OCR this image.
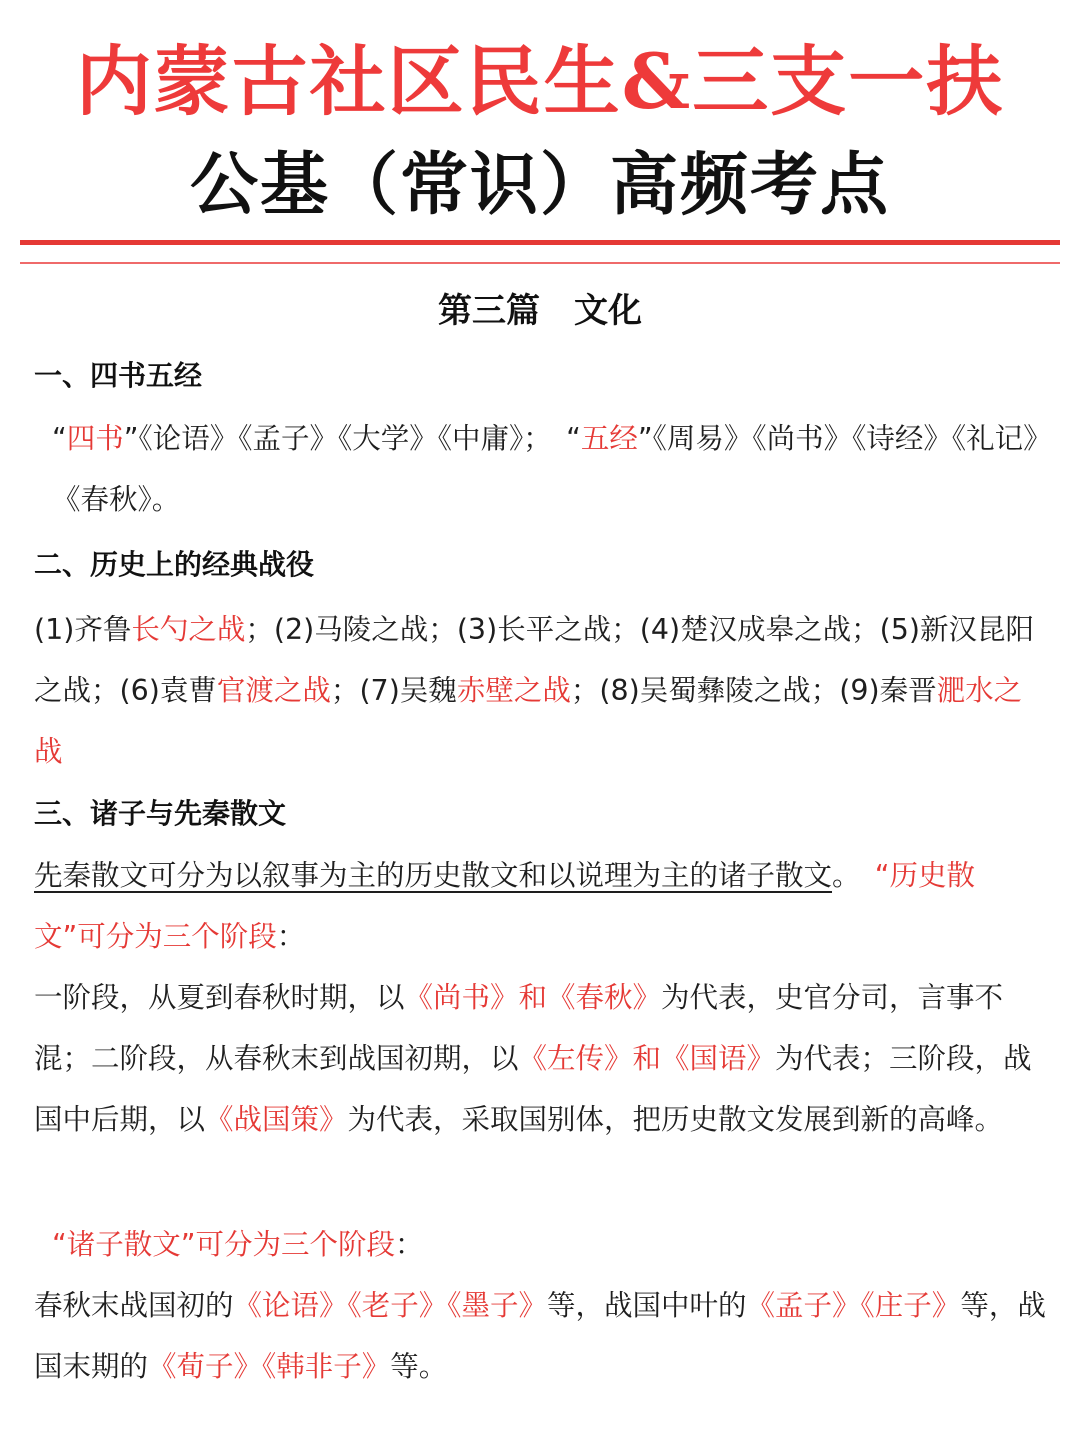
内蒙古社区民生&三支一扶
公基（常识）高频考点
第三篇　文化
一、四书五经
“四书”《论语》《孟子》《大学》《中庸》；　 “五经”《周易》《尚书》《诗经》《礼记》《春秋》。
二、历史上的经典战役
(1)齐鲁长勺之战；(2)马陵之战；(3)长平之战；(4)楚汉成皋之战；(5)新汉昆阳之战；(6)袁曹官渡之战；(7)吴魏赤壁之战；(8)吴蜀彝陵之战；(9)秦晋淝水之战
三、诸子与先秦散文
先秦散文可分为以叙事为主的历史散文和以说理为主的诸子散文。　 “历史散文”可分为三个阶段：
一阶段，从夏到春秋时期，以《尚书》和《春秋》为代表，史官分司，言事不混；二阶段，从春秋末到战国初期，以《左传》和《国语》为代表；三阶段，战国中后期，以《战国策》为代表，采取国别体，把历史散文发展到新的高峰。
“诸子散文”可分为三个阶段：
春秋末战国初的《论语》《老子》《墨子》等，战国中叶的《孟子》《庄子》等，战国末期的《荀子》《韩非子》等。
